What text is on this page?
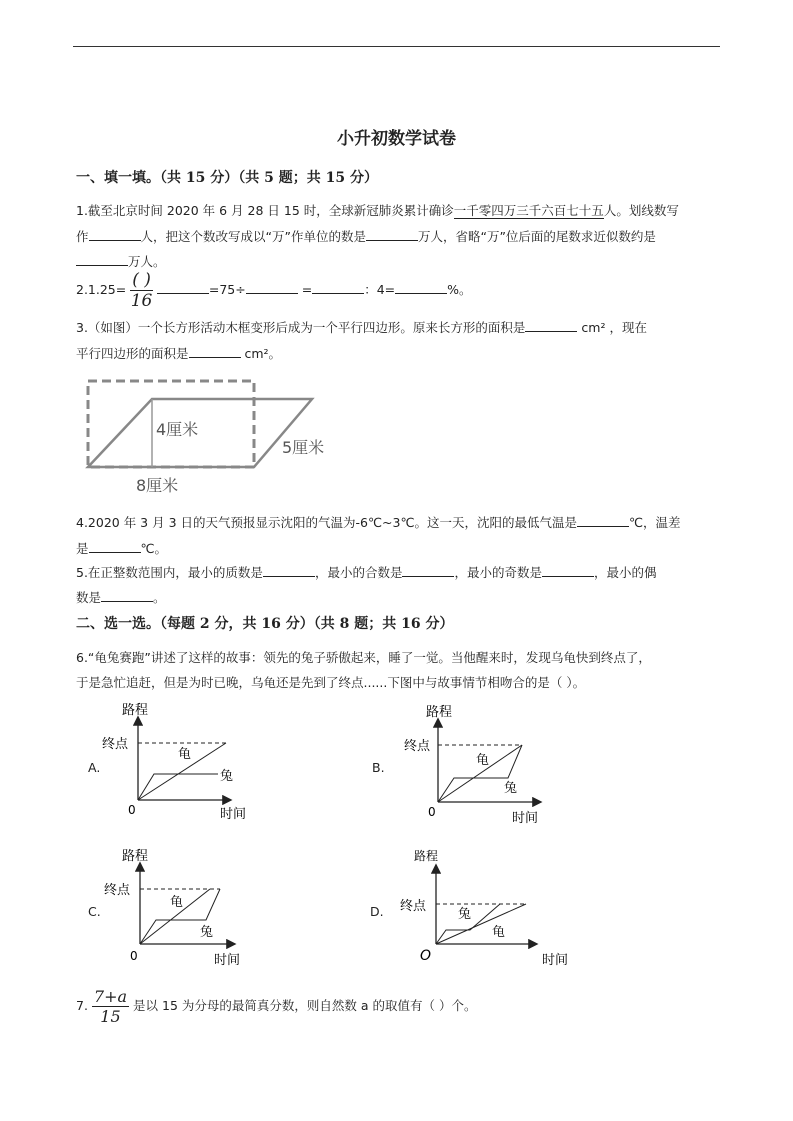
小升初数学试卷
一、填一填。（共 15 分）（共 5 题；共 15 分）
1.截至北京时间 2020 年 6 月 28 日 15 时，全球新冠肺炎累计确诊一千零四万三千六百七十五人。划线数写
作	人，把这个数改写成以“万”作单位的数是	万人，省略“万”位后面的尾数求近似数约是
万人。
$2.1.25= \frac{( )}{16}$	=75÷	=	：4=	%。
3.（如图）一个长方形活动木框变形后成为一个平行四边形。原来长方形的面积是	cm² ，现在
平行四边形的面积是	cm²。
4厘米
5厘米
8厘米
4.2020 年 3 月 3 日的天气预报显示沈阳的气温为-6℃~3℃。这一天，沈阳的最低气温是	℃，温差
是	℃。
5.在正整数范围内，最小的质数是	，最小的合数是	，最小的奇数是	，最小的偶
数是	。
二、选一选。（每题 2 分，共 16 分）（共 8 题；共 16 分）
6.“龟兔赛跑”讲述了这样的故事：领先的兔子骄傲起来，睡了一觉。当他醒来时，发现乌龟快到终点了，
于是急忙追赶，但是为时已晚，乌龟还是先到了终点......下图中与故事情节相吻合的是（ ）。
A.
路程
终点
龟
兔
0	时间
B.
路程
终点
龟
兔
0	时间
C.
路程
终点
龟
兔
0	时间
D.
路程
终点
兔
龟
O	时间
7. $\frac{7+a}{15}$ 是以 15 为分母的最简真分数，则自然数 a 的取值有（ ）个。
